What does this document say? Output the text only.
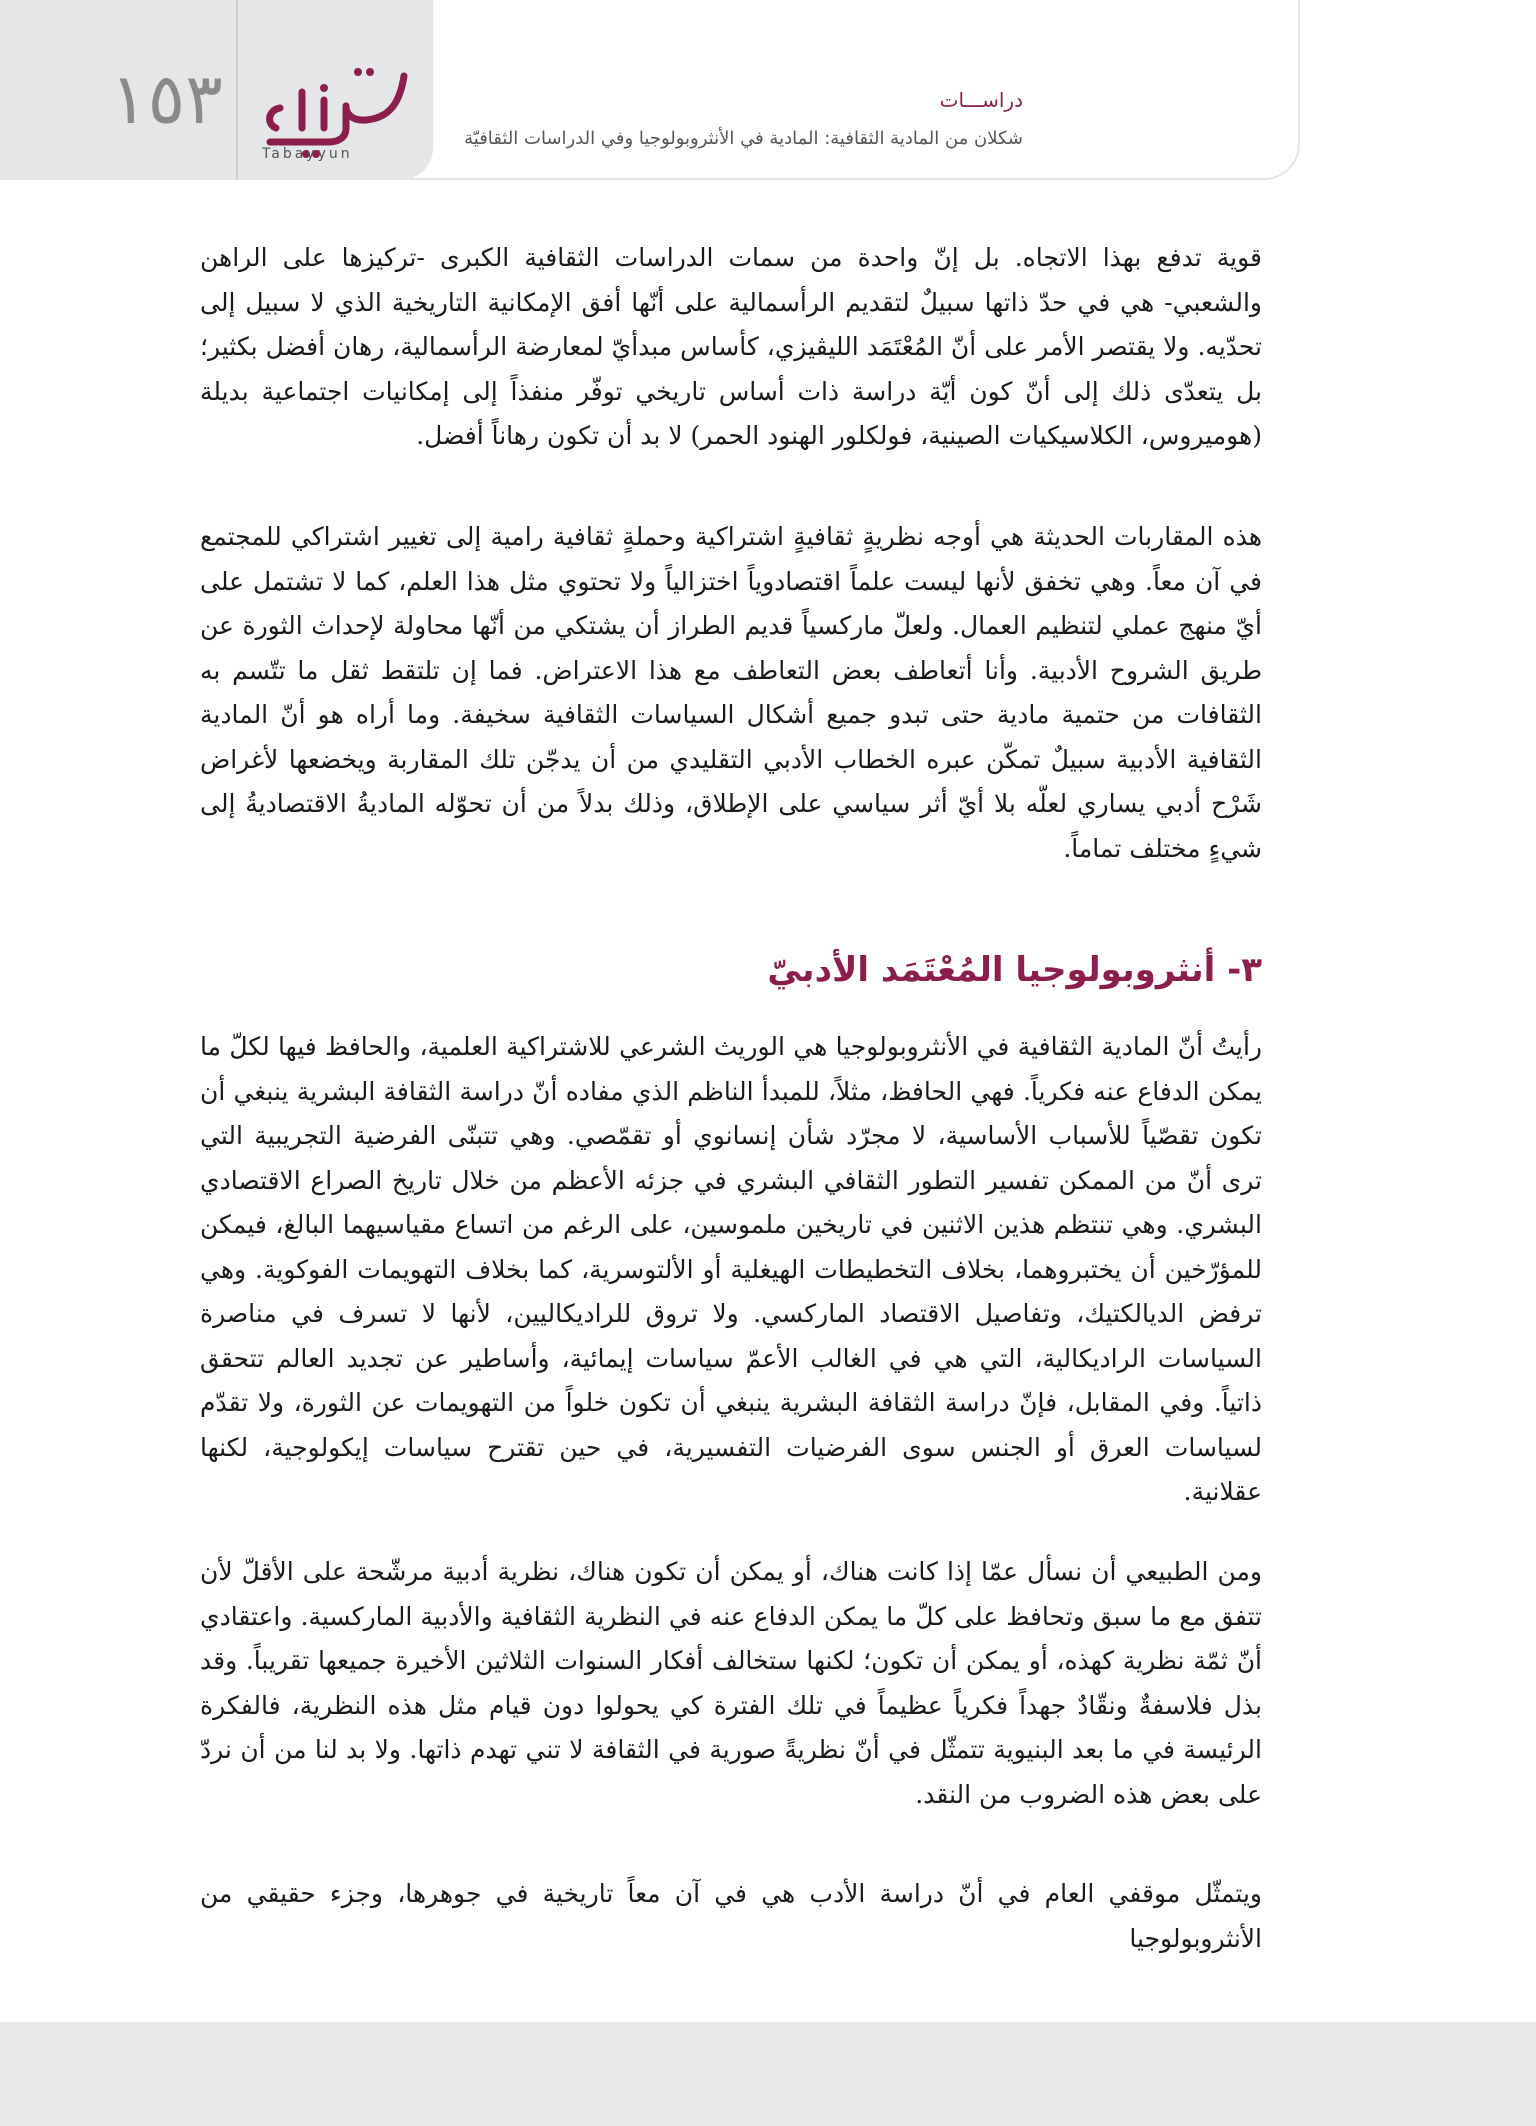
١٥٣
Tabayyun
دراســـات
شكلان من المادية الثقافية: المادية في الأنثروبولوجيا وفي الدراسات الثقافيّة

قوية تدفع بهذا الاتجاه. بل إنّ واحدة من سمات الدراسات الثقافية الكبرى -تركيزها على الراهن والشعبي- هي في حدّ ذاتها سبيلٌ لتقديم الرأسمالية على أنّها أفق الإمكانية التاريخية الذي لا سبيل إلى تحدّيه. ولا يقتصر الأمر على أنّ المُعْتَمَد الليڤيزي، كأساس مبدأيّ لمعارضة الرأسمالية، رهان أفضل بكثير؛ بل يتعدّى ذلك إلى أنّ كون أيّة دراسة ذات أساس تاريخي توفّر منفذاً إلى إمكانيات اجتماعية بديلة (هوميروس، الكلاسيكيات الصينية، فولكلور الهنود الحمر) لا بد أن تكون رهاناً أفضل.

هذه المقاربات الحديثة هي أوجه نظريةٍ ثقافيةٍ اشتراكية وحملةٍ ثقافية رامية إلى تغيير اشتراكي للمجتمع في آن معاً. وهي تخفق لأنها ليست علماً اقتصادوياً اختزالياً ولا تحتوي مثل هذا العلم، كما لا تشتمل على أيّ منهج عملي لتنظيم العمال. ولعلّ ماركسياً قديم الطراز أن يشتكي من أنّها محاولة لإحداث الثورة عن طريق الشروح الأدبية. وأنا أتعاطف بعض التعاطف مع هذا الاعتراض. فما إن تلتقط ثقل ما تتّسم به الثقافات من حتمية مادية حتى تبدو جميع أشكال السياسات الثقافية سخيفة. وما أراه هو أنّ المادية الثقافية الأدبية سبيلٌ تمكّن عبره الخطاب الأدبي التقليدي من أن يدجّن تلك المقاربة ويخضعها لأغراض شَرْح أدبي يساري لعلّه بلا أيّ أثر سياسي على الإطلاق، وذلك بدلاً من أن تحوّله الماديةُ الاقتصاديةُ إلى شيءٍ مختلف تماماً.

٣- أنثروبولوجيا المُعْتَمَد الأدبيّ

رأيتُ أنّ المادية الثقافية في الأنثروبولوجيا هي الوريث الشرعي للاشتراكية العلمية، والحافظ فيها لكلّ ما يمكن الدفاع عنه فكرياً. فهي الحافظ، مثلاً، للمبدأ الناظم الذي مفاده أنّ دراسة الثقافة البشرية ينبغي أن تكون تقصّياً للأسباب الأساسية، لا مجرّد شأن إنسانوي أو تقمّصي. وهي تتبنّى الفرضية التجريبية التي ترى أنّ من الممكن تفسير التطور الثقافي البشري في جزئه الأعظم من خلال تاريخ الصراع الاقتصادي البشري. وهي تنتظم هذين الاثنين في تاريخين ملموسين، على الرغم من اتساع مقياسيهما البالغ، فيمكن للمؤرّخين أن يختبروهما، بخلاف التخطيطات الهيغلية أو الألتوسرية، كما بخلاف التهويمات الفوكوية. وهي ترفض الديالكتيك، وتفاصيل الاقتصاد الماركسي. ولا تروق للراديكاليين، لأنها لا تسرف في مناصرة السياسات الراديكالية، التي هي في الغالب الأعمّ سياسات إيمائية، وأساطير عن تجديد العالم تتحقق ذاتياً. وفي المقابل، فإنّ دراسة الثقافة البشرية ينبغي أن تكون خلواً من التهويمات عن الثورة، ولا تقدّم لسياسات العرق أو الجنس سوى الفرضيات التفسيرية، في حين تقترح سياسات إيكولوجية، لكنها عقلانية.

ومن الطبيعي أن نسأل عمّا إذا كانت هناك، أو يمكن أن تكون هناك، نظرية أدبية مرشّحة على الأقلّ لأن تتفق مع ما سبق وتحافظ على كلّ ما يمكن الدفاع عنه في النظرية الثقافية والأدبية الماركسية. واعتقادي أنّ ثمّة نظرية كهذه، أو يمكن أن تكون؛ لكنها ستخالف أفكار السنوات الثلاثين الأخيرة جميعها تقريباً. وقد بذل فلاسفةٌ ونقّادٌ جهداً فكرياً عظيماً في تلك الفترة كي يحولوا دون قيام مثل هذه النظرية، فالفكرة الرئيسة في ما بعد البنيوية تتمثّل في أنّ نظريةً صورية في الثقافة لا تني تهدم ذاتها. ولا بد لنا من أن نردّ على بعض هذه الضروب من النقد.

ويتمثّل موقفي العام في أنّ دراسة الأدب هي في آن معاً تاريخية في جوهرها، وجزء حقيقي من الأنثروبولوجيا
